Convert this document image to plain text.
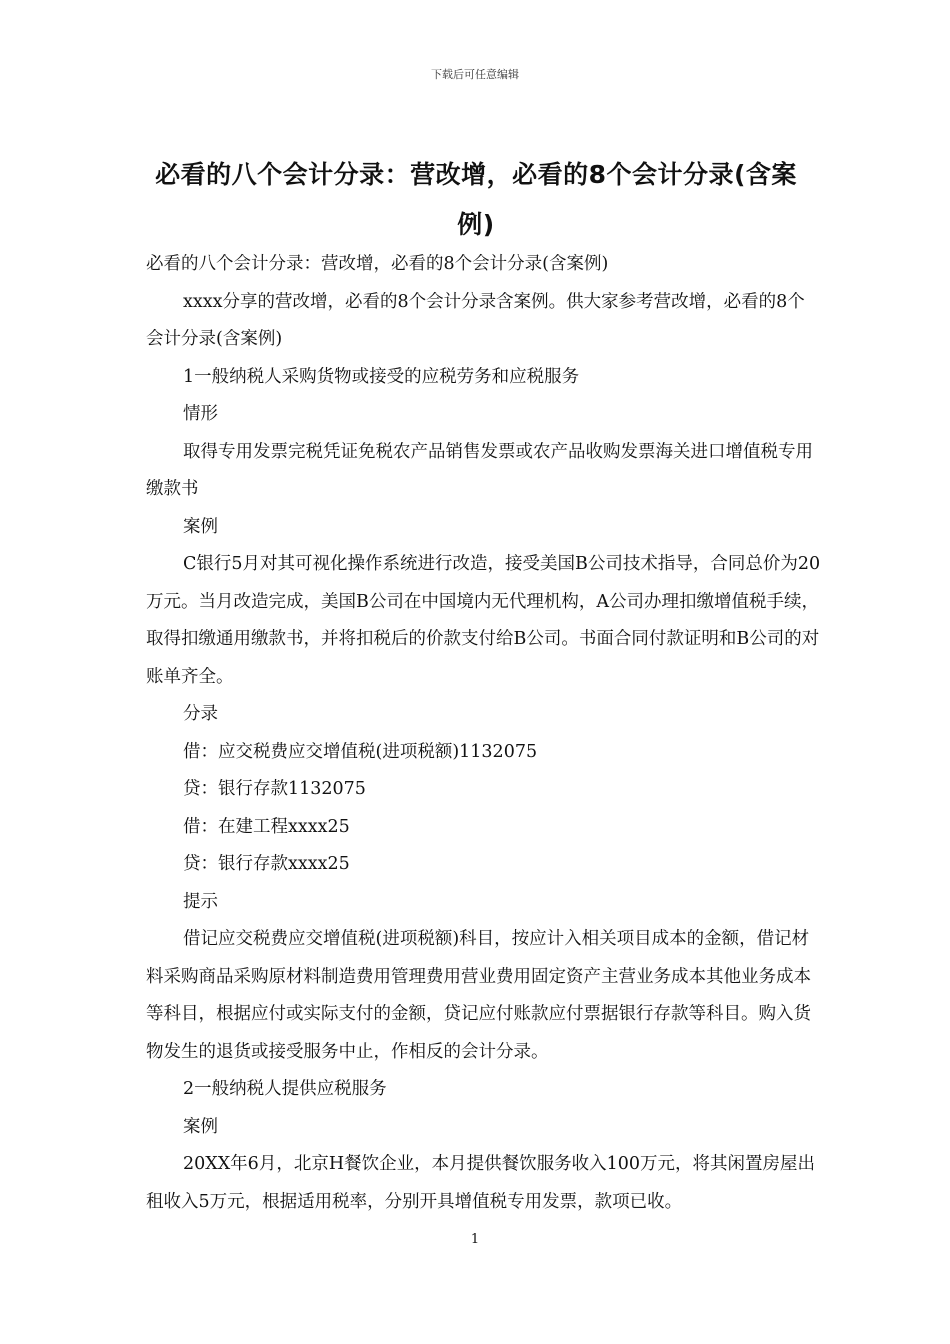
下载后可任意编辑
必看的八个会计分录：营改增，必看的8个会计分录(含案例)

必看的八个会计分录：营改增，必看的8个会计分录(含案例)

xxxx分享的营改增，必看的8个会计分录含案例。供大家参考营改增，必看的8个会计分录(含案例)

1一般纳税人采购货物或接受的应税劳务和应税服务

情形

取得专用发票完税凭证免税农产品销售发票或农产品收购发票海关进口增值税专用缴款书

案例

C银行5月对其可视化操作系统进行改造，接受美国B公司技术指导，合同总价为20万元。当月改造完成，美国B公司在中国境内无代理机构，A公司办理扣缴增值税手续，取得扣缴通用缴款书，并将扣税后的价款支付给B公司。书面合同付款证明和B公司的对账单齐全。

分录

借：应交税费应交增值税(进项税额)1132075

贷：银行存款1132075

借：在建工程xxxx25

贷：银行存款xxxx25

提示

借记应交税费应交增值税(进项税额)科目，按应计入相关项目成本的金额，借记材料采购商品采购原材料制造费用管理费用营业费用固定资产主营业务成本其他业务成本等科目，根据应付或实际支付的金额，贷记应付账款应付票据银行存款等科目。购入货物发生的退货或接受服务中止，作相反的会计分录。

2一般纳税人提供应税服务

案例

20XX年6月，北京H餐饮企业，本月提供餐饮服务收入100万元，将其闲置房屋出租收入5万元，根据适用税率，分别开具增值税专用发票，款项已收。

1
